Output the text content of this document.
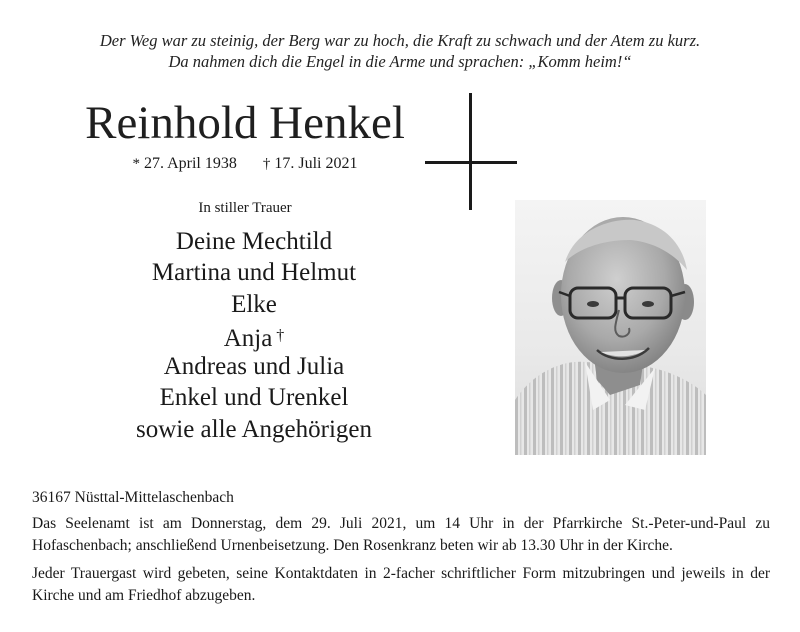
Der Weg war zu steinig, der Berg war zu hoch, die Kraft zu schwach und der Atem zu kurz.
Da nahmen dich die Engel in die Arme und sprachen: „Komm heim!“
Reinhold Henkel
* 27. April 1938 † 17. Juli 2021
In stiller Trauer
Deine Mechtild
Martina und Helmut
Elke
Anja †
Andreas und Julia
Enkel und Urenkel
sowie alle Angehörigen
36167 Nüsttal-Mittelaschenbach

Das Seelenamt ist am Donnerstag, dem 29. Juli 2021, um 14 Uhr in der Pfarrkirche St.-Peter-und-Paul zu Hofaschenbach; anschließend Urnenbeisetzung. Den Rosenkranz beten wir ab 13.30 Uhr in der Kirche.

Jeder Trauergast wird gebeten, seine Kontaktdaten in 2-facher schriftlicher Form mitzubringen und jeweils in der Kirche und am Friedhof abzugeben.
